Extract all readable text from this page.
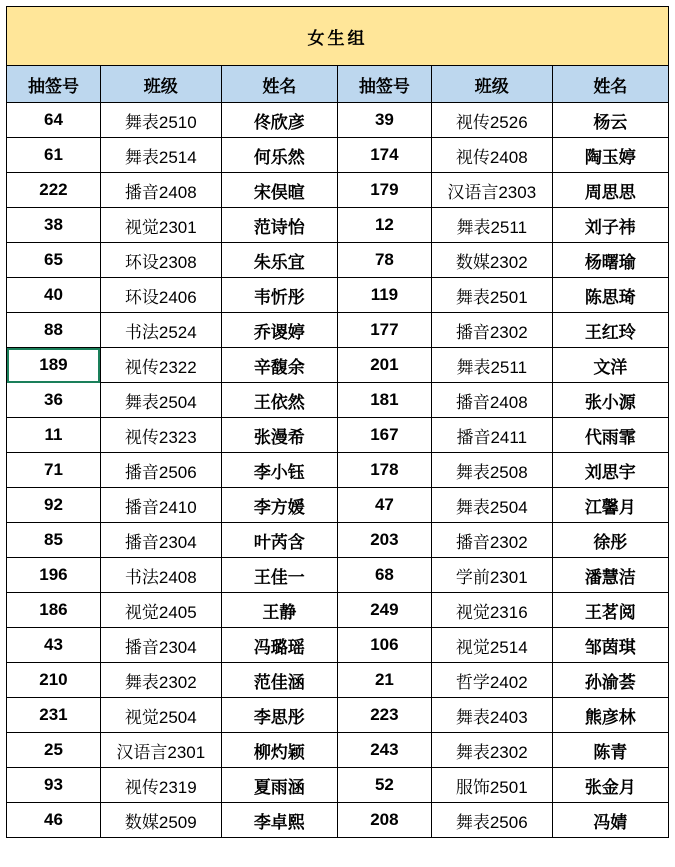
女生组					
抽签号	班级	姓名	抽签号	班级	姓名
64	舞表2510	佟欣彦	39	视传2526	杨云
61	舞表2514	何乐然	174	视传2408	陶玉婷
222	播音2408	宋俣暄	179	汉语言2303	周思思
38	视觉2301	范诗怡	12	舞表2511	刘子祎
65	环设2308	朱乐宜	78	数媒2302	杨曙瑜
40	环设2406	韦忻彤	119	舞表2501	陈思琦
88	书法2524	乔谡婷	177	播音2302	王红玲
189	视传2322	辛馥余	201	舞表2511	文洋
36	舞表2504	王依然	181	播音2408	张小源
11	视传2323	张漫希	167	播音2411	代雨霏
71	播音2506	李小钰	178	舞表2508	刘思宇
92	播音2410	李方媛	47	舞表2504	江馨月
85	播音2304	叶芮含	203	播音2302	徐彤
196	书法2408	王佳一	68	学前2301	潘慧洁
186	视觉2405	王静	249	视觉2316	王茗阅
43	播音2304	冯璐瑶	106	视觉2514	邹茵琪
210	舞表2302	范佳涵	21	哲学2402	孙渝荟
231	视觉2504	李思彤	223	舞表2403	熊彦林
25	汉语言2301	柳灼颖	243	舞表2302	陈青
93	视传2319	夏雨涵	52	服饰2501	张金月
46	数媒2509	李卓熙	208	舞表2506	冯婧
